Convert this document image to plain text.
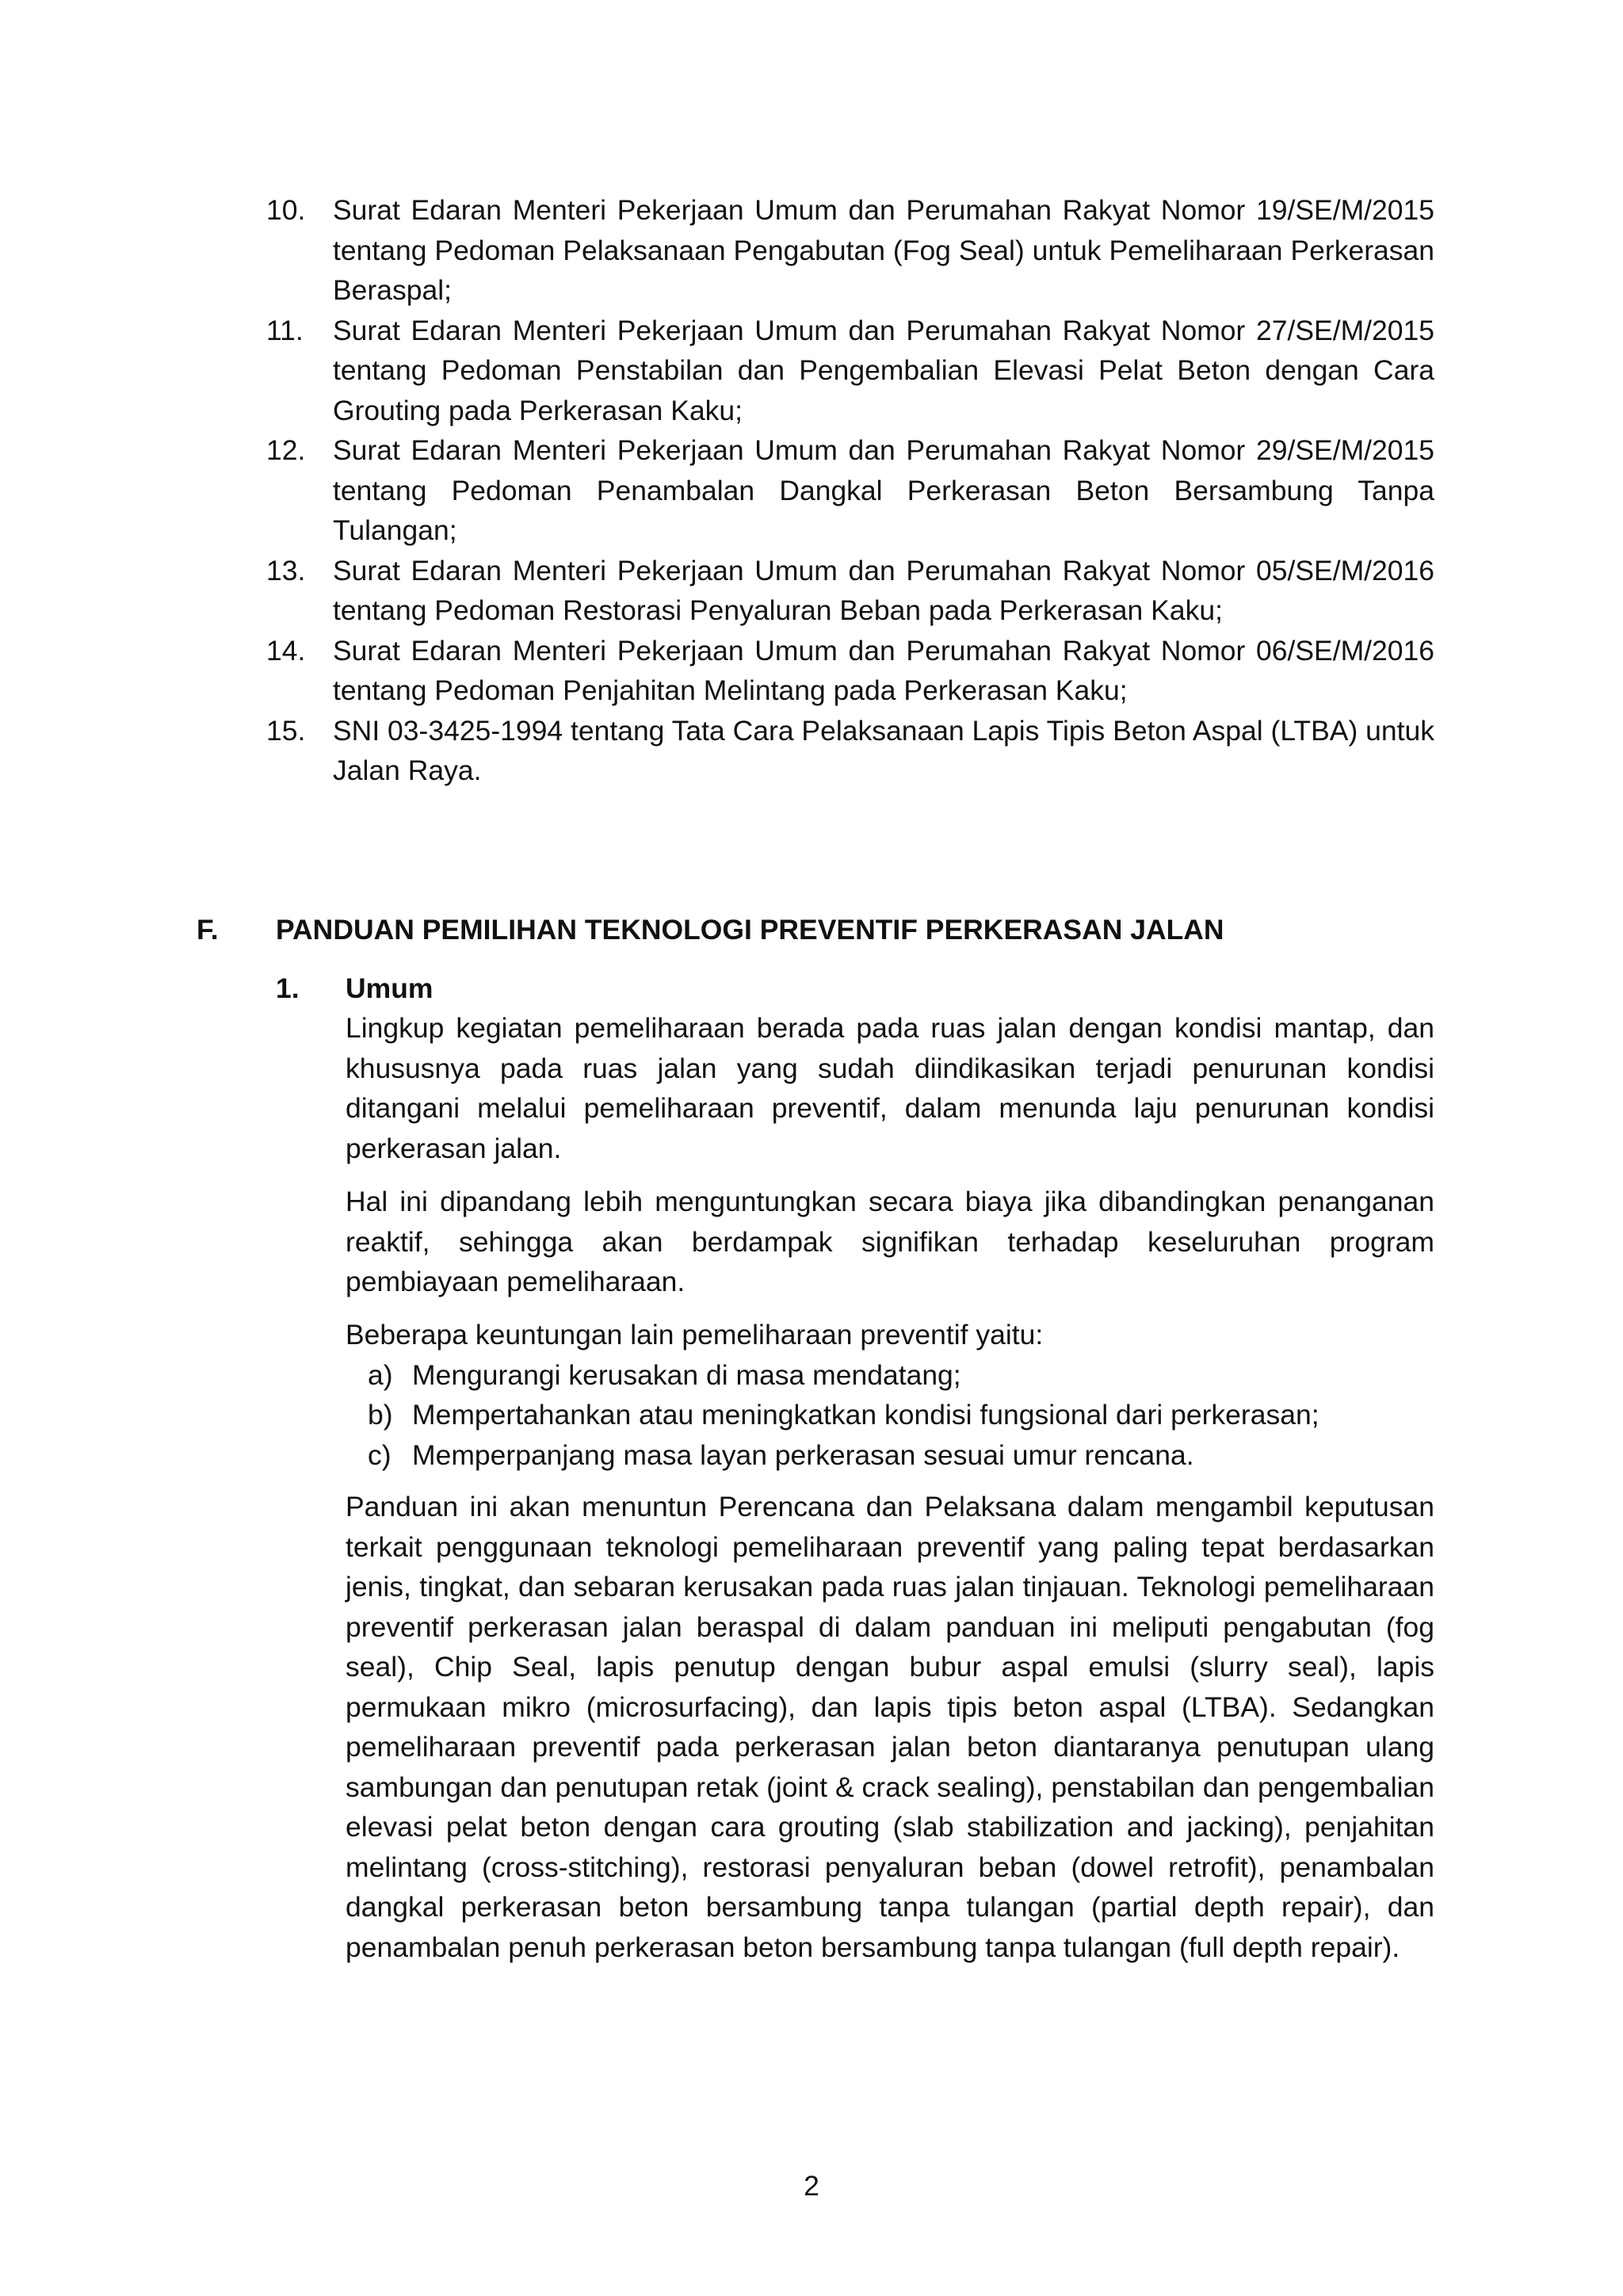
10. Surat Edaran Menteri Pekerjaan Umum dan Perumahan Rakyat Nomor 19/SE/M/2015 tentang Pedoman Pelaksanaan Pengabutan (Fog Seal) untuk Pemeliharaan Perkerasan Beraspal;
11.	Surat Edaran Menteri Pekerjaan Umum dan Perumahan Rakyat Nomor 27/SE/M/2015 tentang Pedoman Penstabilan dan Pengembalian Elevasi Pelat Beton dengan Cara Grouting pada Perkerasan Kaku;
12. Surat Edaran Menteri Pekerjaan Umum dan Perumahan Rakyat Nomor 29/SE/M/2015 tentang Pedoman Penambalan Dangkal Perkerasan Beton Bersambung Tanpa Tulangan;
13. Surat Edaran Menteri Pekerjaan Umum dan Perumahan Rakyat Nomor 05/SE/M/2016 tentang Pedoman Restorasi Penyaluran Beban pada Perkerasan Kaku;
14. Surat Edaran Menteri Pekerjaan Umum dan Perumahan Rakyat Nomor 06/SE/M/2016 tentang Pedoman Penjahitan Melintang pada Perkerasan Kaku;
15. SNI 03-3425-1994 tentang Tata Cara Pelaksanaan Lapis Tipis Beton Aspal (LTBA) untuk Jalan Raya.
F.	PANDUAN PEMILIHAN TEKNOLOGI PREVENTIF PERKERASAN JALAN
1.	Umum

Lingkup kegiatan pemeliharaan berada pada ruas jalan dengan kondisi mantap, dan khususnya pada ruas jalan yang sudah diindikasikan terjadi penurunan kondisi ditangani melalui pemeliharaan preventif, dalam menunda laju penurunan kondisi perkerasan jalan.

Hal ini dipandang lebih menguntungkan secara biaya jika dibandingkan penanganan reaktif, sehingga akan berdampak signifikan terhadap keseluruhan program pembiayaan pemeliharaan.

Beberapa keuntungan lain pemeliharaan preventif yaitu:

a) Mengurangi kerusakan di masa mendatang;
b) Mempertahankan atau meningkatkan kondisi fungsional dari perkerasan;
c) Memperpanjang masa layan perkerasan sesuai umur rencana.

Panduan ini akan menuntun Perencana dan Pelaksana dalam mengambil keputusan terkait penggunaan teknologi pemeliharaan preventif yang paling tepat berdasarkan jenis, tingkat, dan sebaran kerusakan pada ruas jalan tinjauan. Teknologi pemeliharaan preventif perkerasan jalan beraspal di dalam panduan ini meliputi pengabutan (fog seal), Chip Seal, lapis penutup dengan bubur aspal emulsi (slurry seal), lapis permukaan mikro (microsurfacing), dan lapis tipis beton aspal (LTBA). Sedangkan pemeliharaan preventif pada perkerasan jalan beton diantaranya penutupan ulang sambungan dan penutupan retak (joint & crack sealing), penstabilan dan pengembalian elevasi pelat beton dengan cara grouting (slab stabilization and jacking), penjahitan melintang (cross-stitching), restorasi penyaluran beban (dowel retrofit), penambalan dangkal perkerasan beton bersambung tanpa tulangan (partial depth repair), dan penambalan penuh perkerasan beton bersambung tanpa tulangan (full depth repair).

2
